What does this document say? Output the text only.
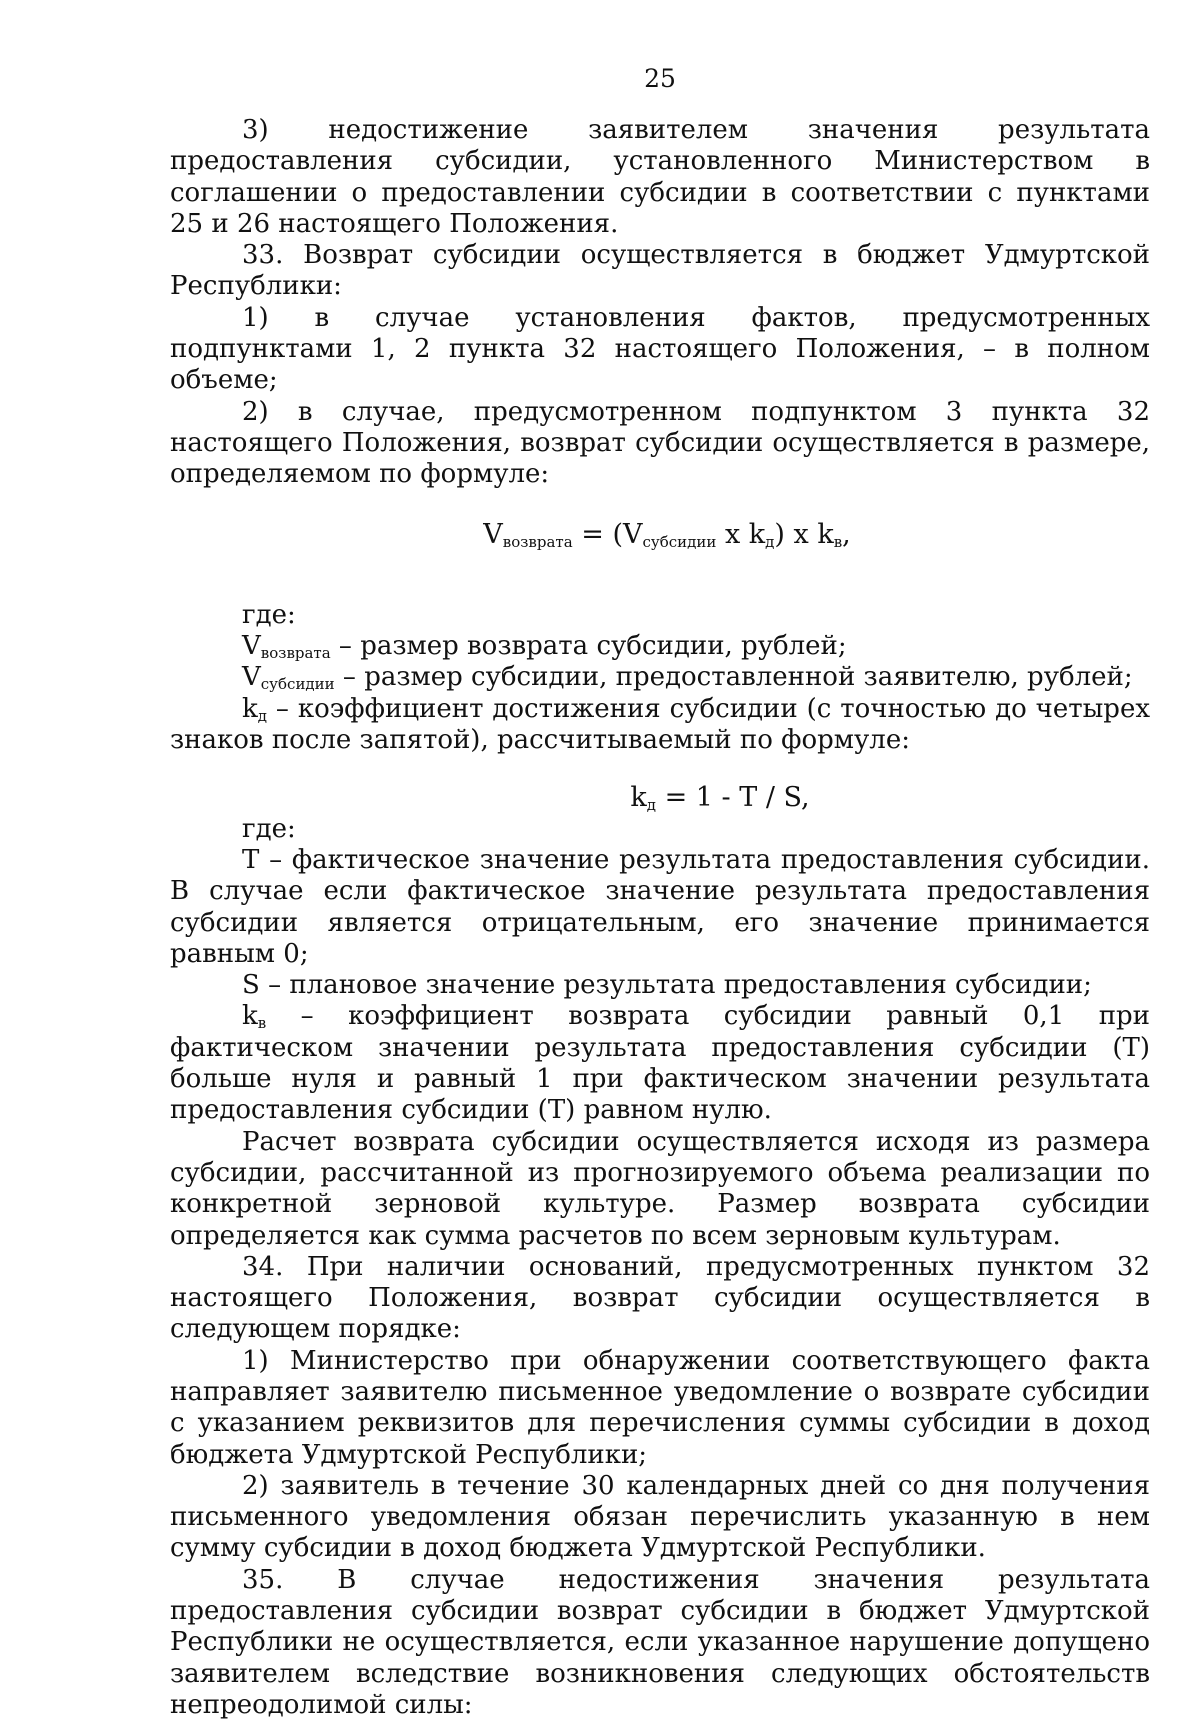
25

3) недостижение заявителем значения результата предоставления субсидии, установленного Министерством в соглашении о предоставлении субсидии в соответствии с пунктами 25 и 26 настоящего Положения.

33. Возврат субсидии осуществляется в бюджет Удмуртской Республики:

1) в случае установления фактов, предусмотренных подпунктами 1, 2 пункта 32 настоящего Положения, – в полном объеме;

2) в случае, предусмотренном подпунктом 3 пункта 32 настоящего Положения, возврат субсидии осуществляется в размере, определяемом по формуле:

$V_{возврата} = (V_{субсидии}$ x $k_д$) x $k_в$,

где:

$V_{возврата}$ – размер возврата субсидии, рублей;

$V_{субсидии}$ – размер субсидии, предоставленной заявителю, рублей;

$k_д$ – коэффициент достижения субсидии (с точностью до четырех знаков после запятой), рассчитываемый по формуле:

$k_д = 1 - T / S$,

где:

T – фактическое значение результата предоставления субсидии. В случае если фактическое значение результата предоставления субсидии является отрицательным, его значение принимается равным 0;

S – плановое значение результата предоставления субсидии;

$k_в$ – коэффициент возврата субсидии равный 0,1 при фактическом значении результата предоставления субсидии (T) больше нуля и равный 1 при фактическом значении результата предоставления субсидии (T) равном нулю.

Расчет возврата субсидии осуществляется исходя из размера субсидии, рассчитанной из прогнозируемого объема реализации по конкретной зерновой культуре. Размер возврата субсидии определяется как сумма расчетов по всем зерновым культурам.

34. При наличии оснований, предусмотренных пунктом 32 настоящего Положения, возврат субсидии осуществляется в следующем порядке:

1) Министерство при обнаружении соответствующего факта направляет заявителю письменное уведомление о возврате субсидии с указанием реквизитов для перечисления суммы субсидии в доход бюджета Удмуртской Республики;

2) заявитель в течение 30 календарных дней со дня получения письменного уведомления обязан перечислить указанную в нем сумму субсидии в доход бюджета Удмуртской Республики.

35. В случае недостижения значения результата предоставления субсидии возврат субсидии в бюджет Удмуртской Республики не осуществляется, если указанное нарушение допущено заявителем вследствие возникновения следующих обстоятельств непреодолимой силы:
